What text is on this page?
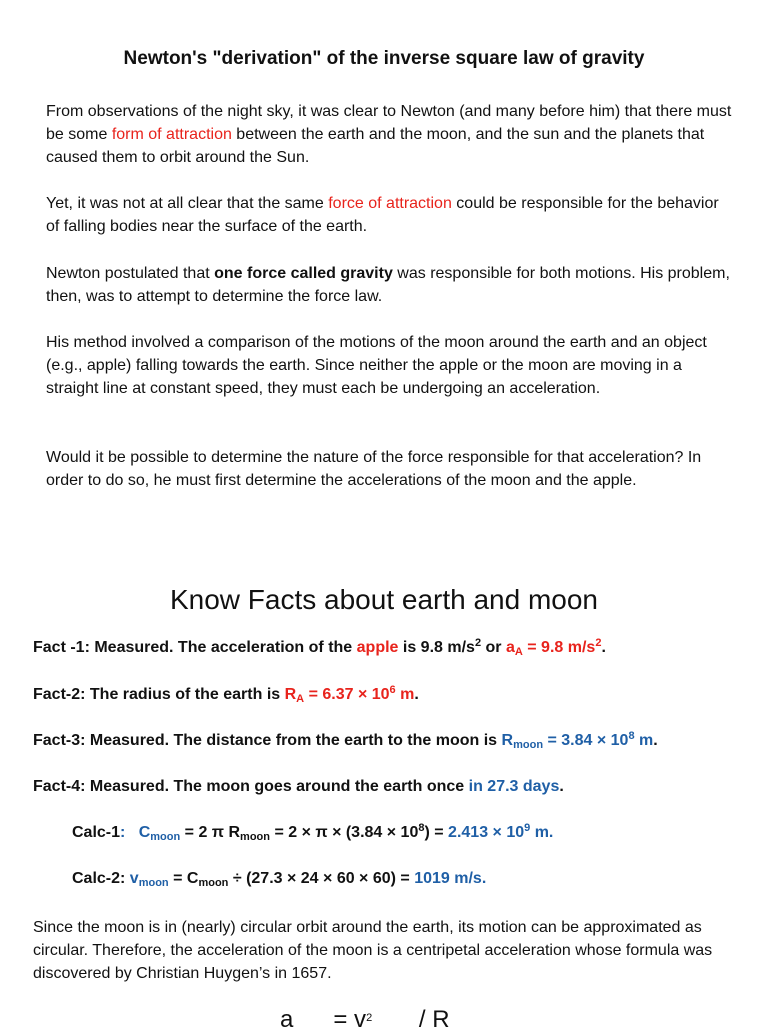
Newton's "derivation" of the inverse square law of gravity

From observations of the night sky, it was clear to Newton (and many before him) that there must be some form of attraction between the earth and the moon, and the sun and the planets that caused them to orbit around the Sun.

Yet, it was not at all clear that the same force of attraction could be responsible for the behavior of falling bodies near the surface of the earth.

Newton postulated that one force called gravity was responsible for both motions. His problem, then, was to attempt to determine the force law.

His method involved a comparison of the motions of the moon around the earth and an object (e.g., apple) falling towards the earth. Since neither the apple or the moon are moving in a straight line at constant speed, they must each be undergoing an acceleration.

Would it be possible to determine the nature of the force responsible for that acceleration? In order to do so, he must first determine the accelerations of the moon and the apple.

Know Facts about earth and moon

Fact -1: Measured. The acceleration of the apple is 9.8 $m/s^2$ or $a_A = 9.8$ $m/s^2$.

Fact-2: The radius of the earth is $R_A = 6.37 \times 10^6$ m.

Fact-3: Measured. The distance from the earth to the moon is $R_{moon} = 3.84 \times 10^8$ m.

Fact-4: Measured. The moon goes around the earth once in 27.3 days.

Calc-1: $C_{moon} = 2$ π $R_{moon} = 2 \times \pi \times (3.84 \times 10^8) = 2.413 \times 10^9$ m.

Calc-2: $v_{moon} = C_{moon} \div (27.3 \times 24 \times 60 \times 60) = 1019$ m/s.

Since the moon is in (nearly) circular orbit around the earth, its motion can be approximated as circular. Therefore, the acceleration of the moon is a centripetal acceleration whose formula was discovered by Christian Huygen’s in 1657.

$a = v^2 / R$
